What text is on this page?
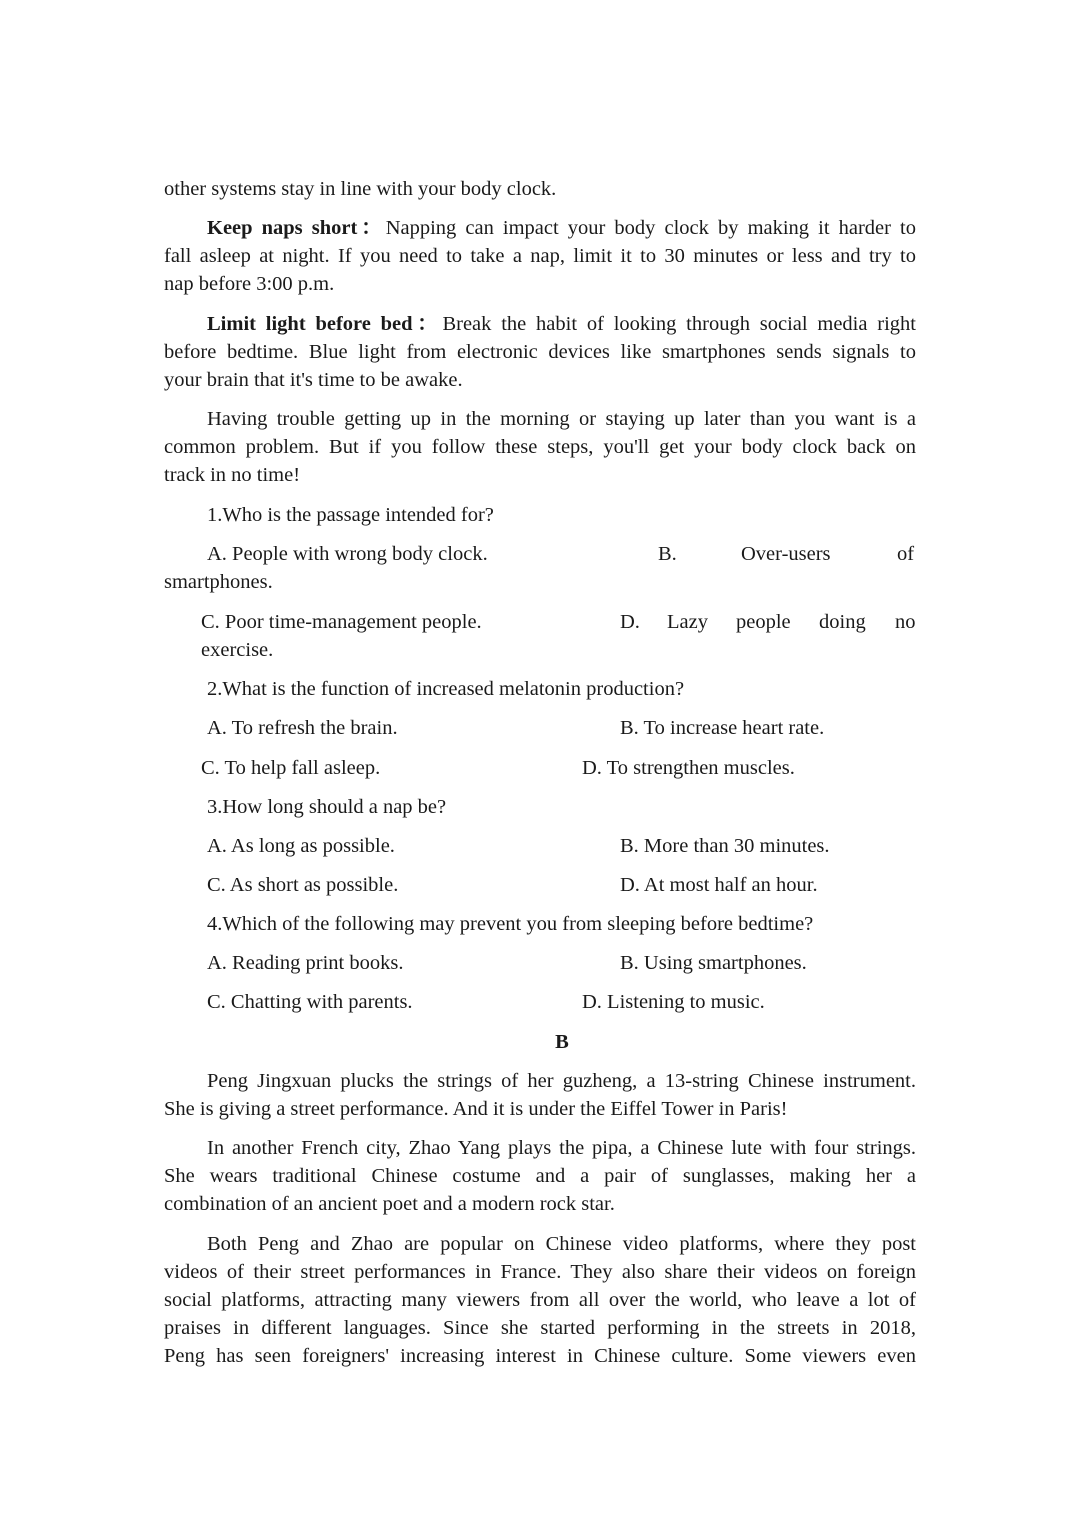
other systems stay in line with your body clock.
Keep naps short：Napping can impact your body clock by making it harder to
fall asleep at night. If you need to take a nap, limit it to 30 minutes or less and try to
nap before 3:00 p.m.
Limit light before bed：Break the habit of looking through social media right
before bedtime. Blue light from electronic devices like smartphones sends signals to
your brain that it's time to be awake.
Having trouble getting up in the morning or staying up later than you want is a
common problem. But if you follow these steps, you'll get your body clock back on
track in no time!
1.Who is the passage intended for?
A. People with wrong body clock.	B.	Over-users	of
smartphones.
C. Poor time-management people.	D. Lazy people doing no
exercise.
2.What is the function of increased melatonin production?
A. To refresh the brain.	B. To increase heart rate.
C. To help fall asleep.	D. To strengthen muscles.
3.How long should a nap be?
A. As long as possible.	B. More than 30 minutes.
C. As short as possible.	D. At most half an hour.
4.Which of the following may prevent you from sleeping before bedtime?
A. Reading print books.	B. Using smartphones.
C. Chatting with parents.	D. Listening to music.
B
Peng Jingxuan plucks the strings of her guzheng, a 13-string Chinese instrument.
She is giving a street performance. And it is under the Eiffel Tower in Paris!
In another French city, Zhao Yang plays the pipa, a Chinese lute with four strings.
She wears traditional Chinese costume and a pair of sunglasses, making her a
combination of an ancient poet and a modern rock star.
Both Peng and Zhao are popular on Chinese video platforms, where they post
videos of their street performances in France. They also share their videos on foreign
social platforms, attracting many viewers from all over the world, who leave a lot of
praises in different languages. Since she started performing in the streets in 2018,
Peng has seen foreigners' increasing interest in Chinese culture. Some viewers even
